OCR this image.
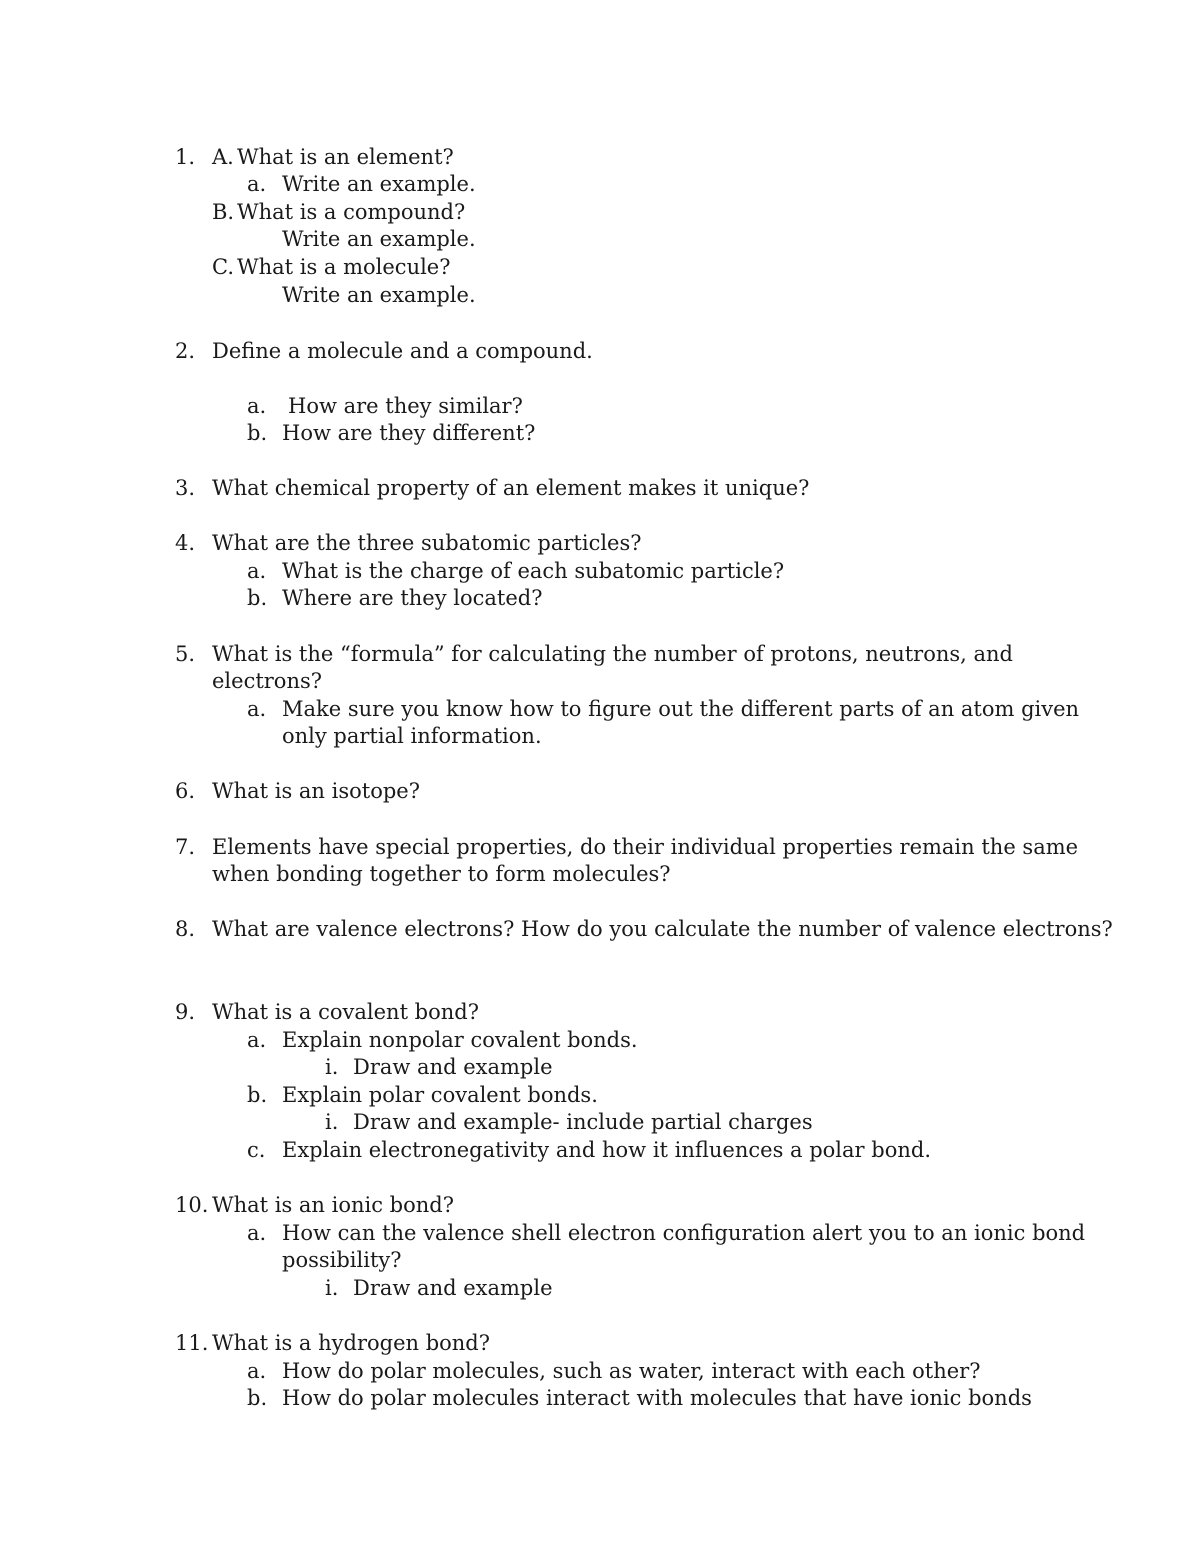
1. A. What is an element?
a. Write an example.
B. What is a compound?
Write an example.
C. What is a molecule?
Write an example.
2. Define a molecule and a compound.
a. How are they similar?
b. How are they different?
3. What chemical property of an element makes it unique?
4. What are the three subatomic particles?
a. What is the charge of each subatomic particle?
b. Where are they located?
5. What is the “formula” for calculating the number of protons, neutrons, and
electrons?
a. Make sure you know how to figure out the different parts of an atom given
only partial information.
6. What is an isotope?
7. Elements have special properties, do their individual properties remain the same
when bonding together to form molecules?
8. What are valence electrons? How do you calculate the number of valence electrons?
9. What is a covalent bond?
a. Explain nonpolar covalent bonds.
i. Draw and example
b. Explain polar covalent bonds.
i. Draw and example- include partial charges
c. Explain electronegativity and how it influences a polar bond.
10. What is an ionic bond?
a. How can the valence shell electron configuration alert you to an ionic bond
possibility?
i. Draw and example
11. What is a hydrogen bond?
a. How do polar molecules, such as water, interact with each other?
b. How do polar molecules interact with molecules that have ionic bonds
